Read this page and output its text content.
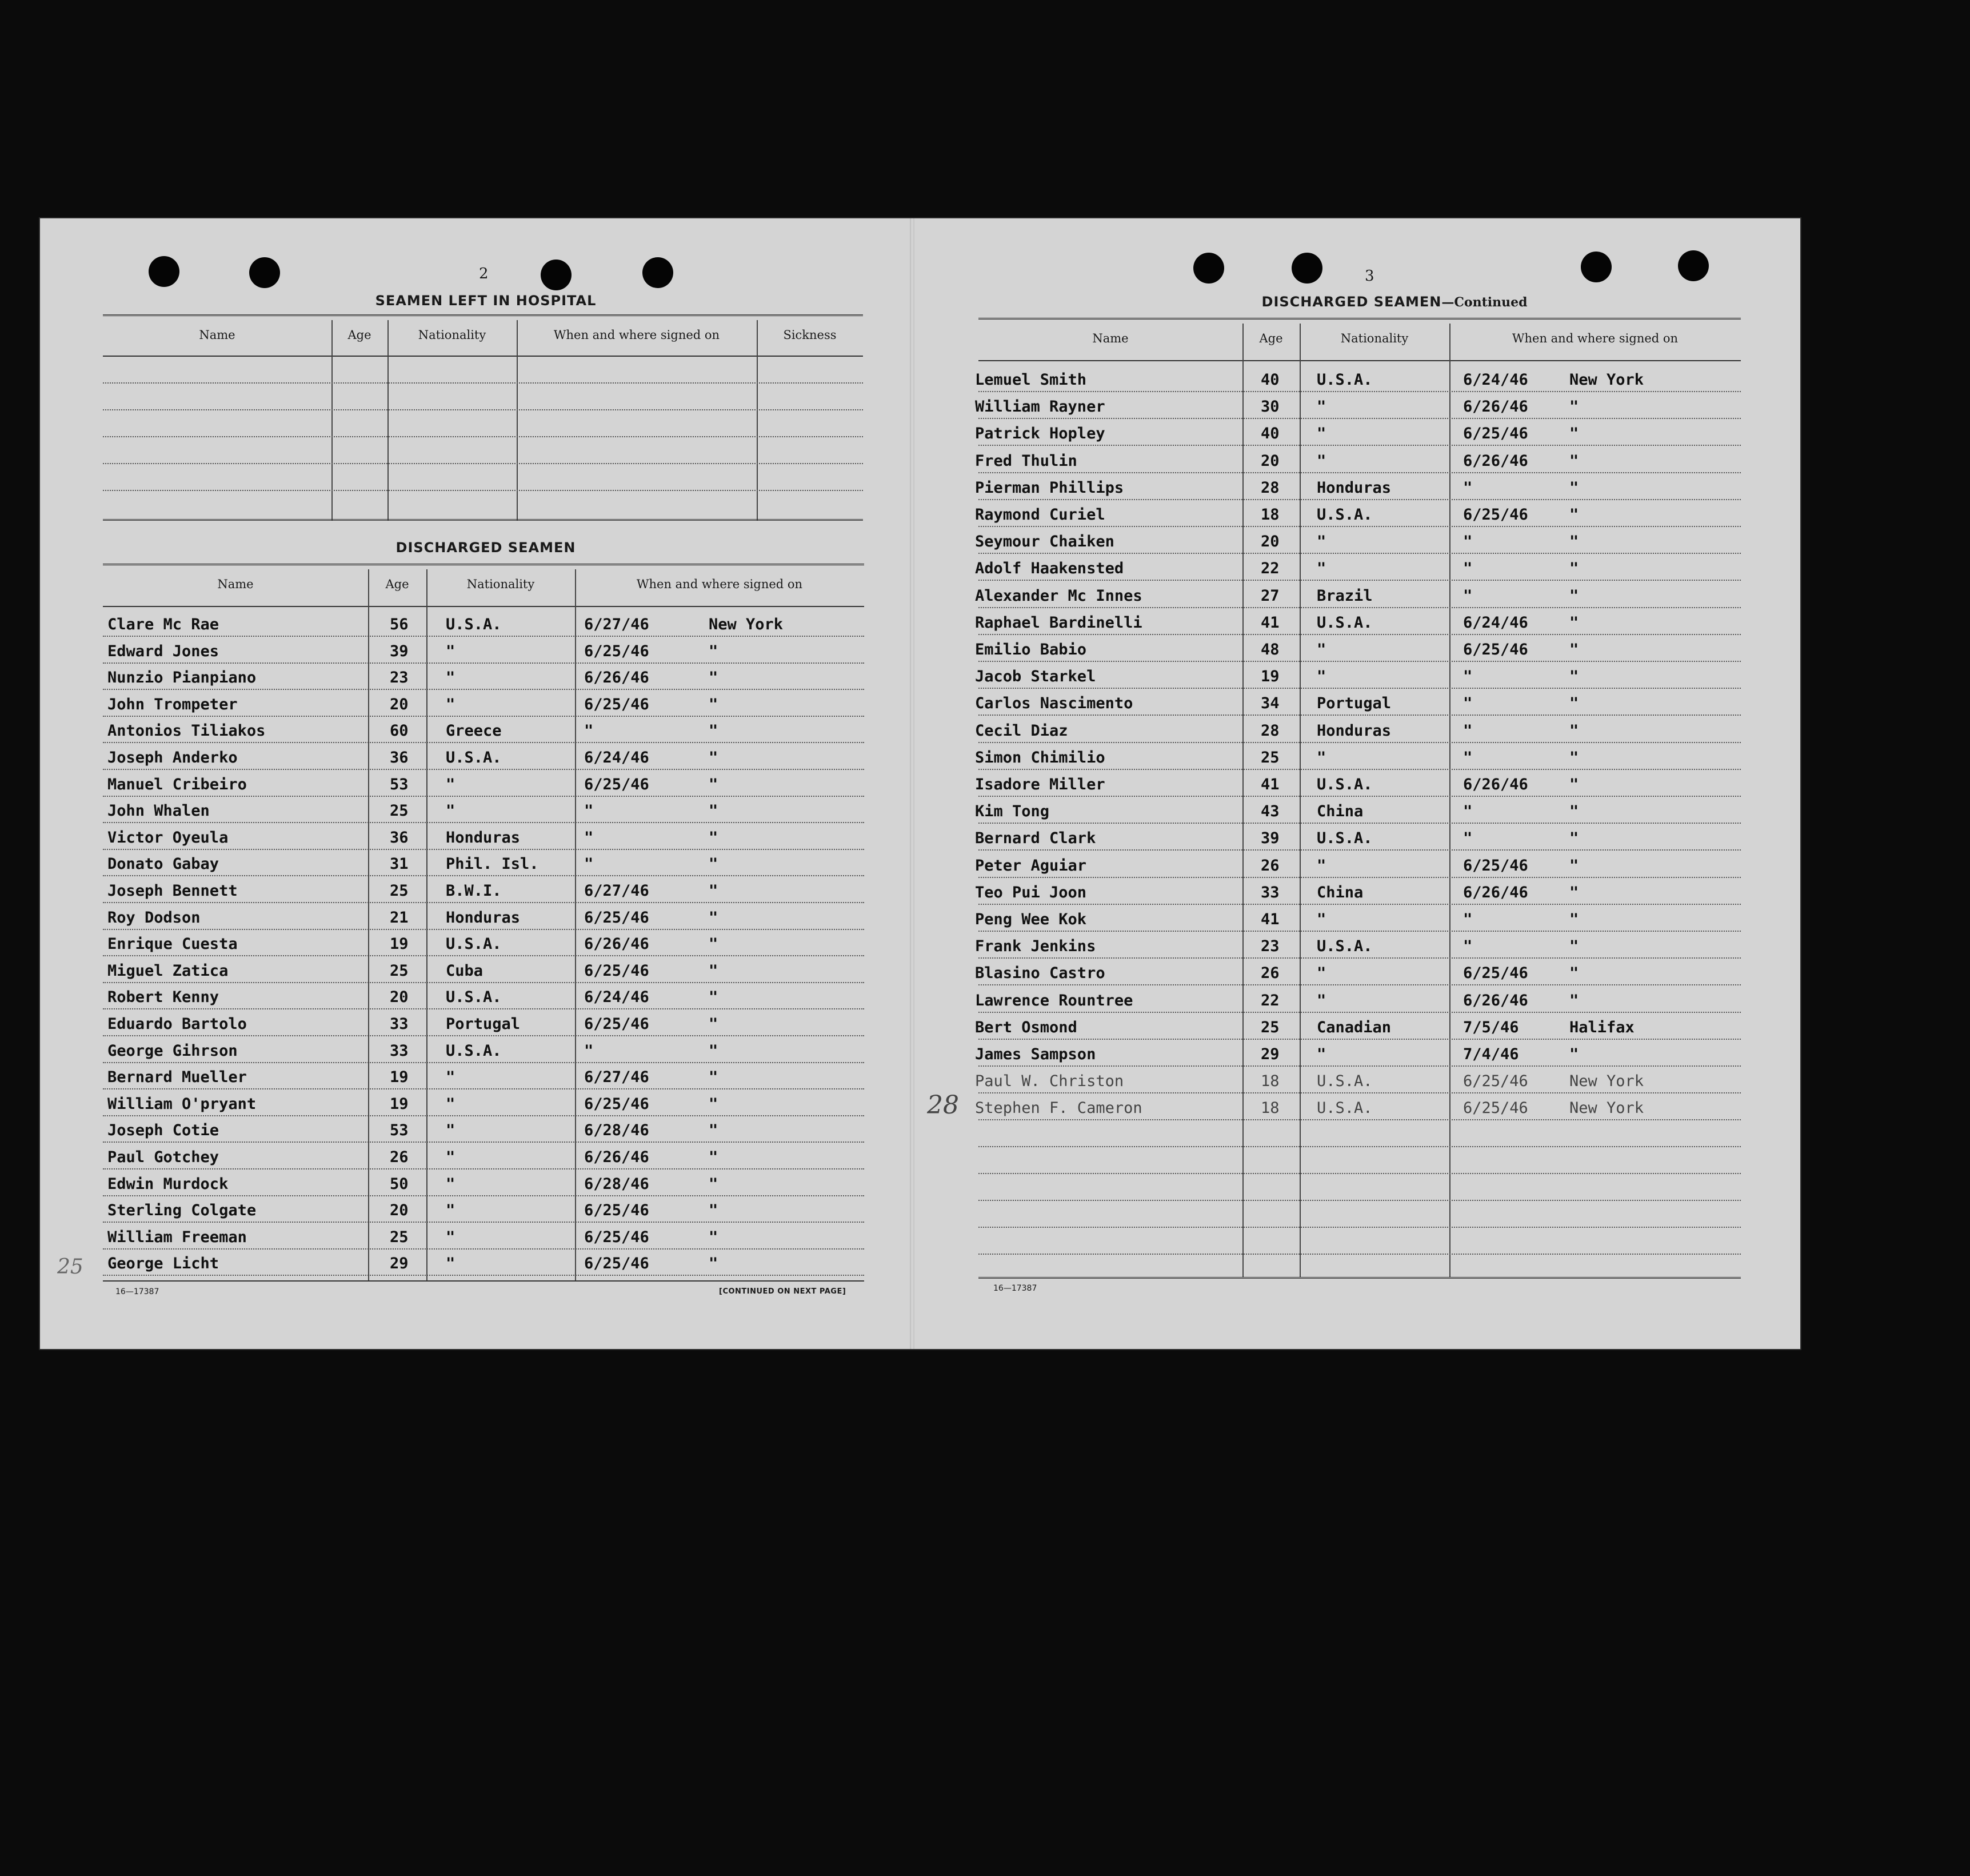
2
SEAMEN LEFT IN HOSPITAL
Name	Age	Nationality	When and where signed on	Sickness
DISCHARGED SEAMEN
Name	Age	Nationality	When and where signed on
Clare Mc Rae	56 U.S.A.	6/27/46	New York
Edward Jones	39 "	6/25/46	"
Nunzio Pianpiano	23 "	6/26/46	"
John Trompeter	20 "	6/25/46	"
Antonios Tiliakos	60 Greece	"	"
Joseph Anderko	36 U.S.A.	6/24/46	"
Manuel Cribeiro	53 "	6/25/46	"
John Whalen	25 "	"	"
Victor Oyeula	36 Honduras	"	"
Donato Gabay	31 Phil. Isl.	"	"
Joseph Bennett	25 B.W.I.	6/27/46	"
Roy Dodson	21 Honduras	6/25/46	"
Enrique Cuesta	19 U.S.A.	6/26/46	"
Miguel Zatica	25 Cuba	6/25/46	"
Robert Kenny	20 U.S.A.	6/24/46	"
Eduardo Bartolo	33 Portugal	6/25/46	"
George Gihrson	33 U.S.A.	"	"
Bernard Mueller	19 "	6/27/46	"
William O'pryant	19 "	6/25/46	"
Joseph Cotie	53 "	6/28/46	"
Paul Gotchey	26 "	6/26/46	"
Edwin Murdock	50 "	6/28/46	"
Sterling Colgate	20 "	6/25/46	"
William Freeman	25 "	6/25/46	"
George Licht	29 "	6/25/46	"
16—17387	[CONTINUED ON NEXT PAGE]
25
3
DISCHARGED SEAMEN—Continued
Name	Age	Nationality	When and where signed on
Lemuel Smith	40 U.S.A.	6/24/46	New York
William Rayner	30 "	6/26/46	"
Patrick Hopley	40 "	6/25/46	"
Fred Thulin	20 "	6/26/46	"
Pierman Phillips	28 Honduras	"	"
Raymond Curiel	18 U.S.A.	6/25/46	"
Seymour Chaiken	20 "	"	"
Adolf Haakensted	22 "	"	"
Alexander Mc Innes	27 Brazil	"	"
Raphael Bardinelli	41 U.S.A.	6/24/46	"
Emilio Babio	48 "	6/25/46	"
Jacob Starkel	19 "	"	"
Carlos Nascimento	34 Portugal	"	"
Cecil Diaz	28 Honduras	"	"
Simon Chimilio	25 "	"	"
Isadore Miller	41 U.S.A.	6/26/46	"
Kim Tong	43 China	"	"
Bernard Clark	39 U.S.A.	"	"
Peter Aguiar	26 "	6/25/46	"
Teo Pui Joon	33 China	6/26/46	"
Peng Wee Kok	41 "	"	"
Frank Jenkins	23 U.S.A.	"	"
Blasino Castro	26 "	6/25/46	"
Lawrence Rountree	22 "	6/26/46	"
Bert Osmond	25 Canadian	7/5/46	Halifax
James Sampson	29 "	7/4/46	"
Paul W. Christon	18 U.S.A.	6/25/46	New York
Stephen F. Cameron	18 U.S.A.	6/25/46	New York
16—17387
28
